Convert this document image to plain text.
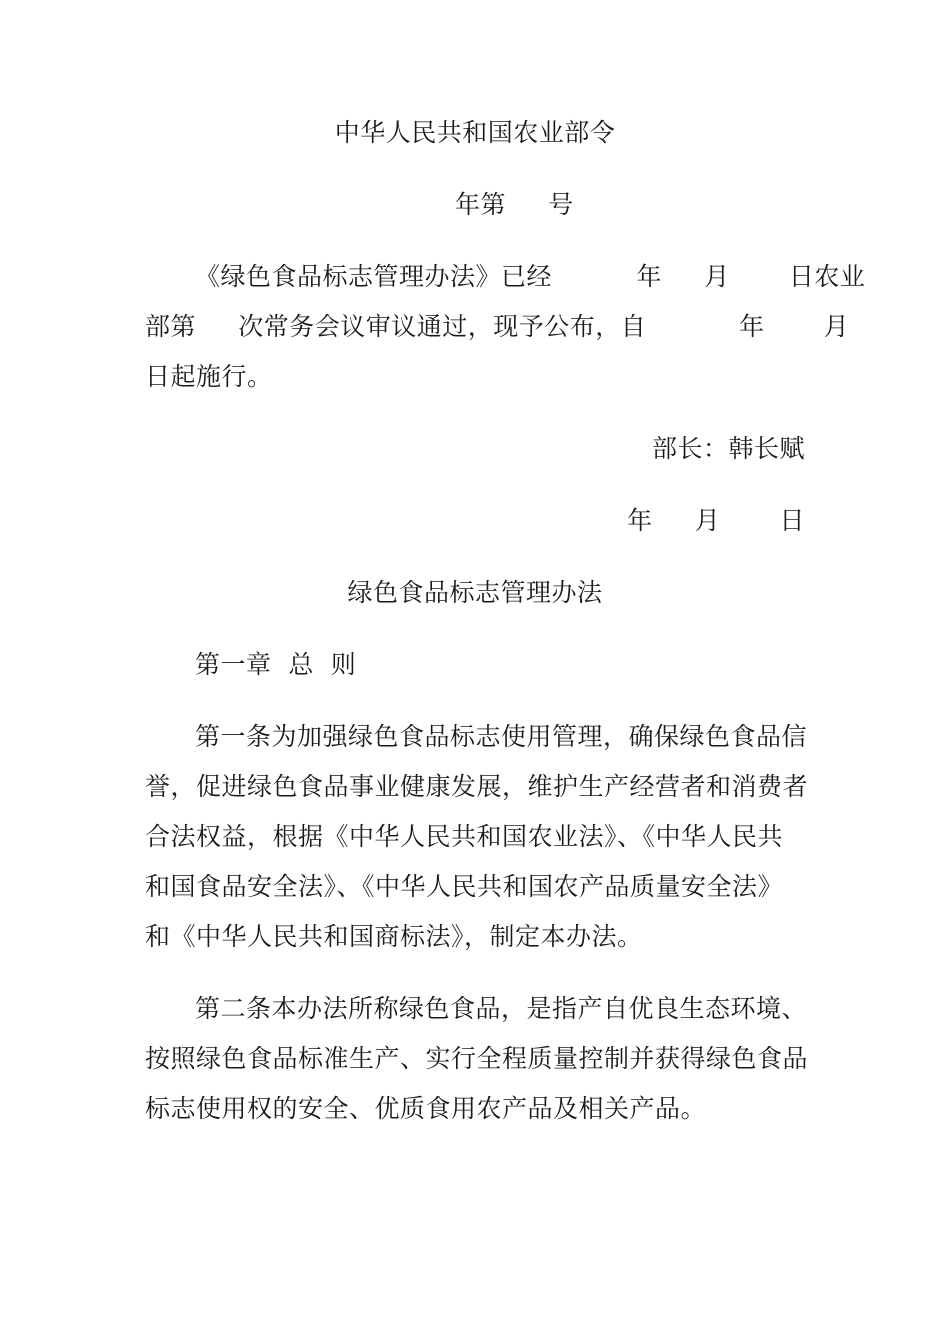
中华人民共和国农业部令
年第     号
《绿色食品标志管理办法》已经          年     月       日农业
部第     次常务会议审议通过，现予公布，自           年       月
日起施行。
部长：韩长赋
年     月       日
绿色食品标志管理办法
第一章  总  则
第一条为加强绿色食品标志使用管理，确保绿色食品信
誉，促进绿色食品事业健康发展，维护生产经营者和消费者
合法权益，根据《中华人民共和国农业法》、《中华人民共
和国食品安全法》、《中华人民共和国农产品质量安全法》
和《中华人民共和国商标法》，制定本办法。
第二条本办法所称绿色食品，是指产自优良生态环境、
按照绿色食品标准生产、实行全程质量控制并获得绿色食品
标志使用权的安全、优质食用农产品及相关产品。
